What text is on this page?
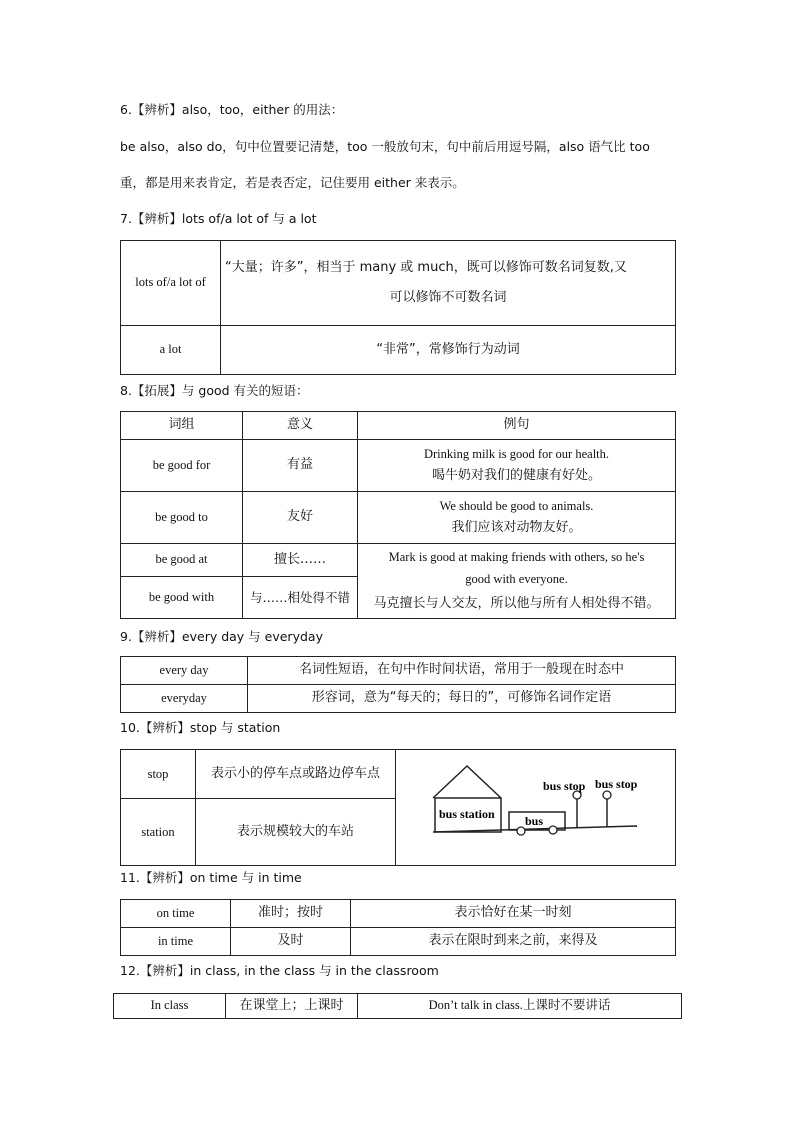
6.【辨析】also，too，either 的用法：
be also，also do，句中位置要记清楚，too 一般放句末，句中前后用逗号隔，also 语气比 too
重，都是用来表肯定，若是表否定，记住要用 either 来表示。
7.【辨析】lots of/a lot of 与 a lot
lots of/a lot of	“大量；许多”，相当于 many 或 much，既可以修饰可数名词复数,又
可以修饰不可数名词

a lot	“非常”，常修饰行为动词
8.【拓展】与 good 有关的短语：
词组	意义	例句
be good for	有益	Drinking milk is good for our health.
喝牛奶对我们的健康有好处。

be good to	友好	We should be good to animals.
我们应该对动物友好。

be good at	擅长……	Mark is good at making friends with others, so he's
good with everyone.
马克擅长与人交友，所以他与所有人相处得不错。

be good with	与……相处得不错	
9.【辨析】every day 与 everyday
every day	名词性短语，在句中作时间状语，常用于一般现在时态中
everyday	形容词，意为“每天的；每日的”，可修饰名词作定语
10.【辨析】stop 与 station
stop	表示小的停车点或路边停车点	bus station bus
bus stop bus stop

station	表示规模较大的车站	
11.【辨析】on time 与 in time
on time	准时；按时	表示恰好在某一时刻
in time	及时	表示在限时到来之前，来得及
12.【辨析】in class, in the class 与 in the classroom
In class	在课堂上；上课时	Don’t talk in class.上课时不要讲话
